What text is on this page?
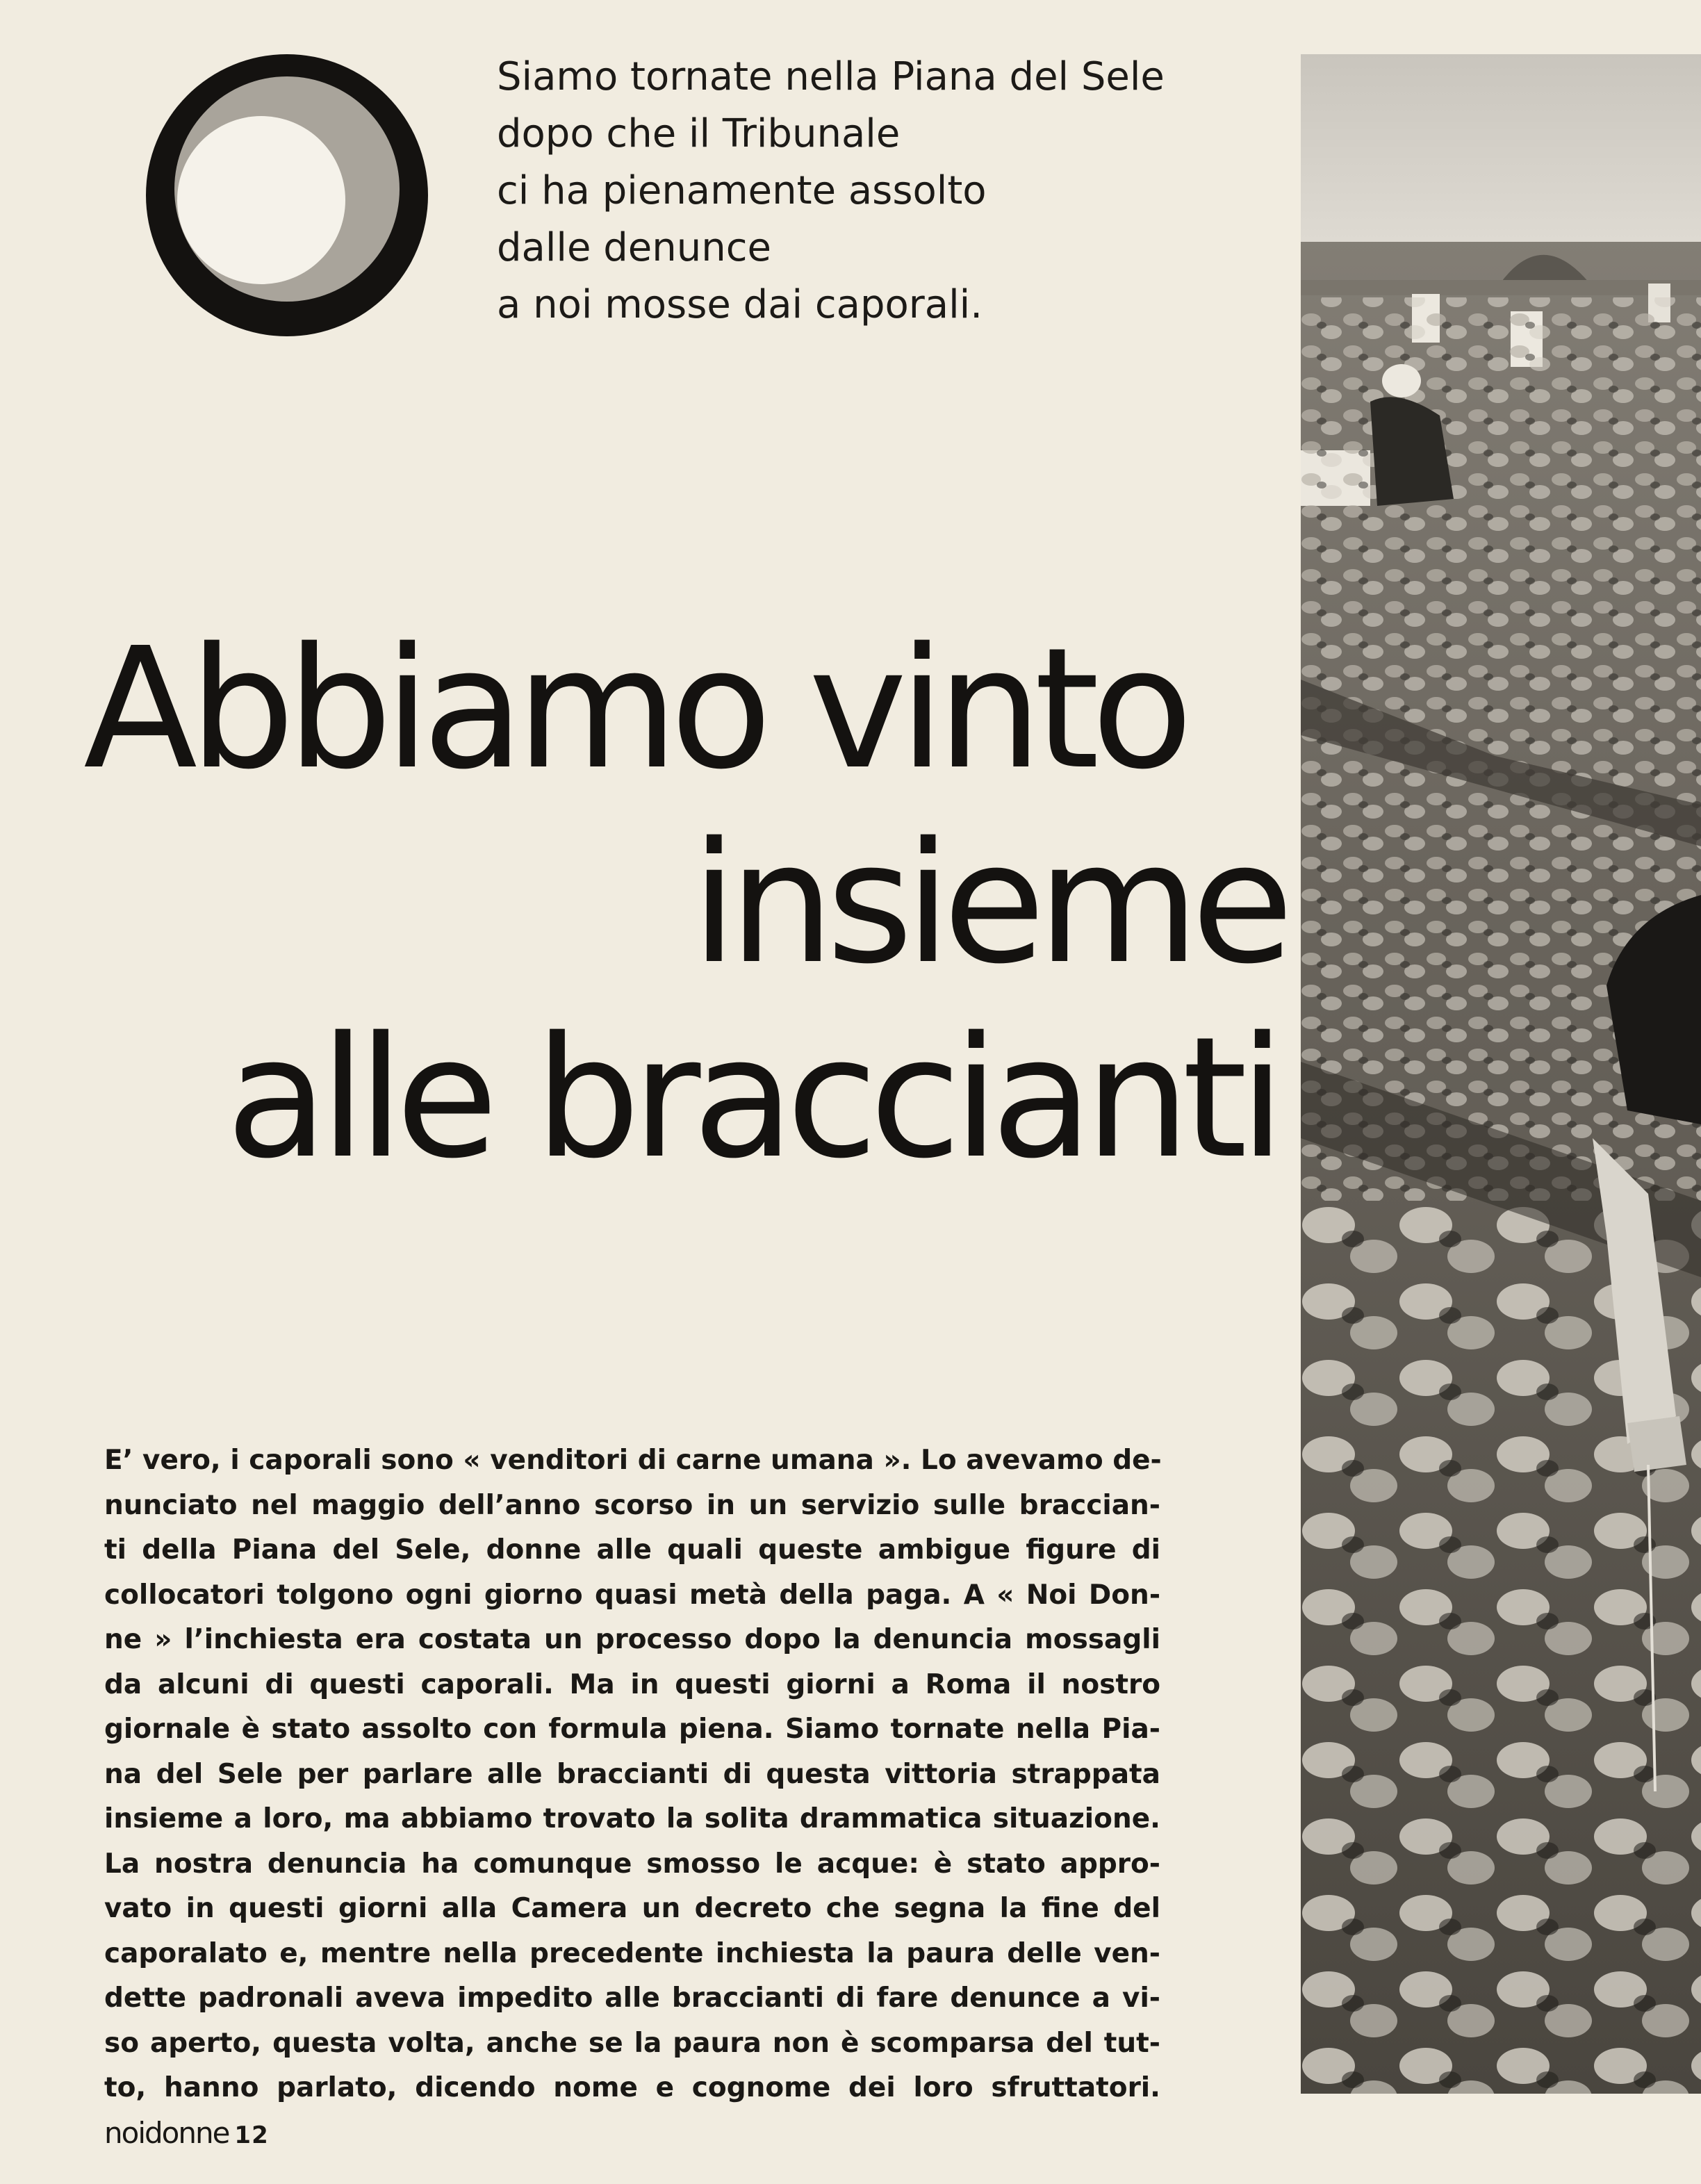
Siamo tornate nella Piana del Sele
dopo che il Tribunale
ci ha pienamente assolto
dalle denunce
a noi mosse dai caporali.
Abbiamo vinto
insieme
alle braccianti
E’ vero, i caporali sono « venditori di carne umana ». Lo avevamo de-
nunciato nel maggio dell’anno scorso in un servizio sulle braccian-
ti della Piana del Sele, donne alle quali queste ambigue figure di
collocatori tolgono ogni giorno quasi metà della paga. A « Noi Don-
ne » l’inchiesta era costata un processo dopo la denuncia mossagli
da alcuni di questi caporali. Ma in questi giorni a Roma il nostro
giornale è stato assolto con formula piena. Siamo tornate nella Pia-
na del Sele per parlare alle braccianti di questa vittoria strappata
insieme a loro, ma abbiamo trovato la solita drammatica situazione.
La nostra denuncia ha comunque smosso le acque: è stato appro-
vato in questi giorni alla Camera un decreto che segna la fine del
caporalato e, mentre nella precedente inchiesta la paura delle ven-
dette padronali aveva impedito alle braccianti di fare denunce a vi-
so aperto, questa volta, anche se la paura non è scomparsa del tut-
to, hanno parlato, dicendo nome e cognome dei loro sfruttatori.
noidonne 12
